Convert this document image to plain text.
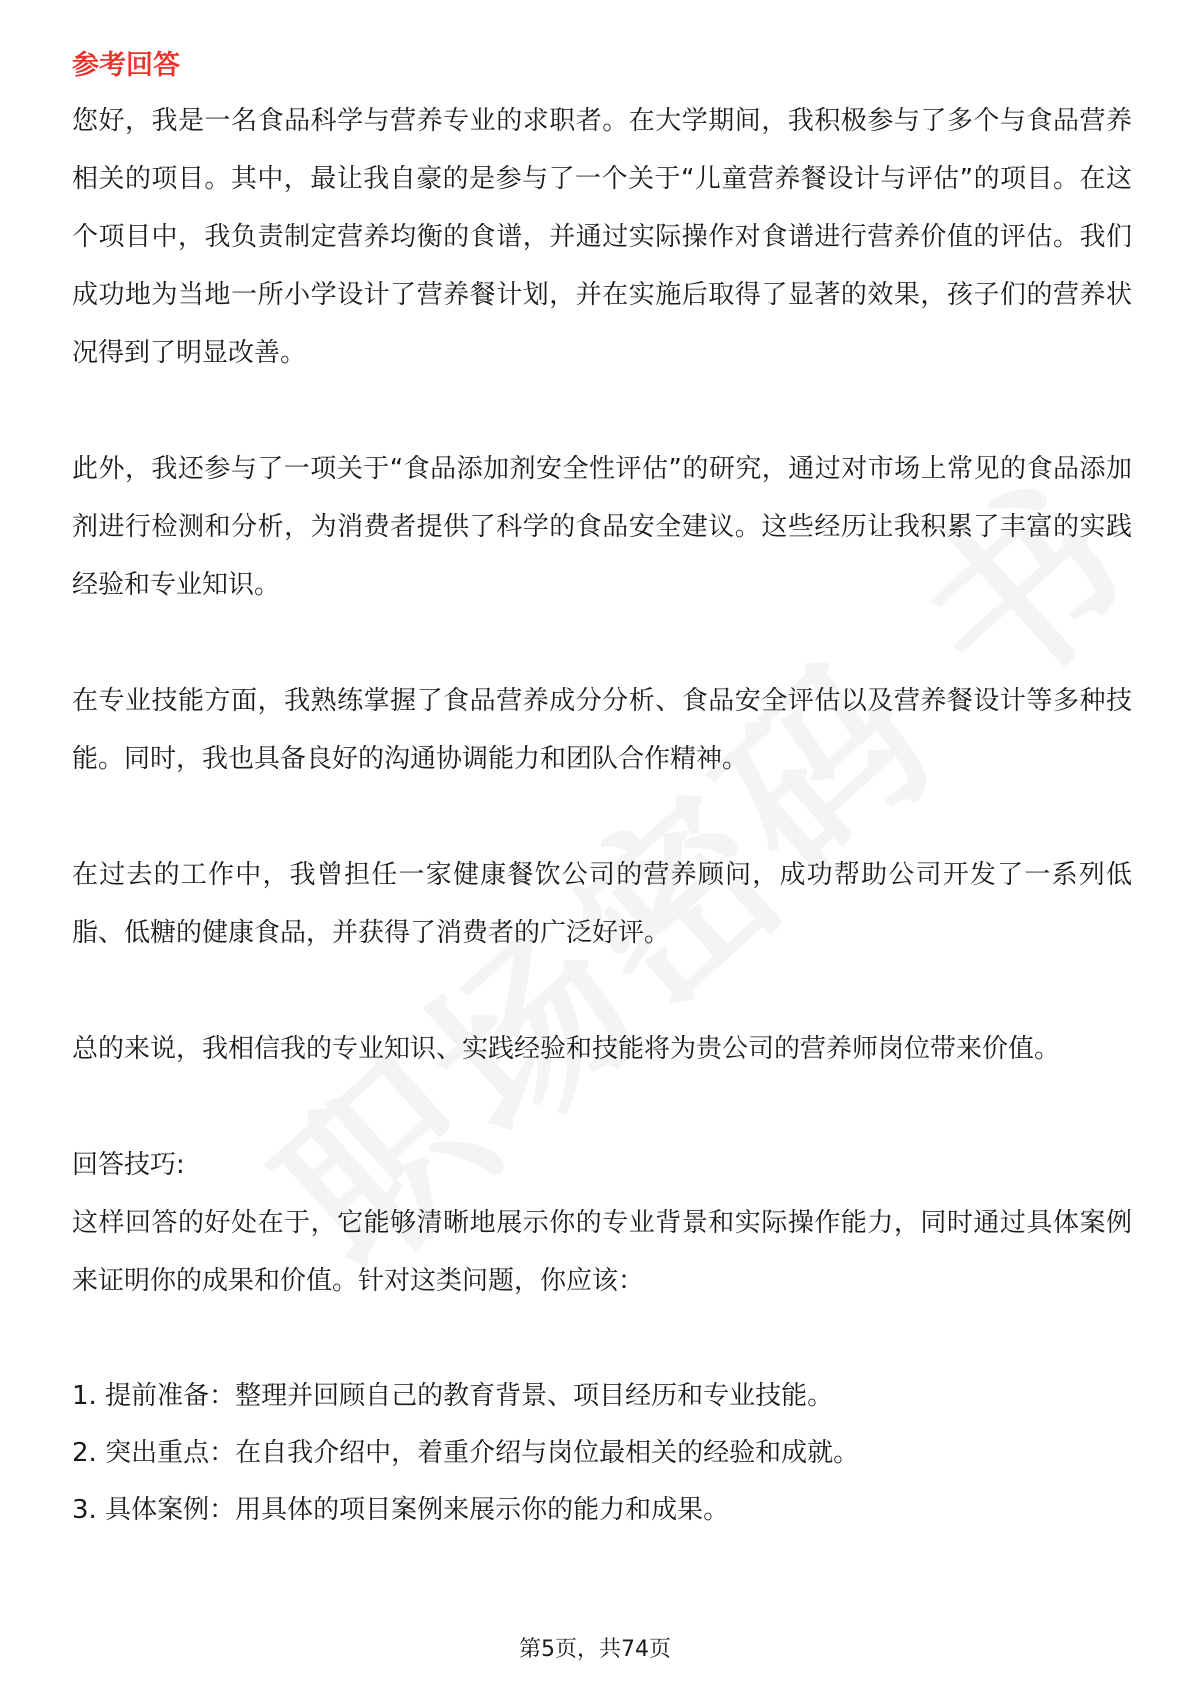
参考回答

您好，我是一名食品科学与营养专业的求职者。在大学期间，我积极参与了多个与食品营养相关的项目。其中，最让我自豪的是参与了一个关于“儿童营养餐设计与评估”的项目。在这个项目中，我负责制定营养均衡的食谱，并通过实际操作对食谱进行营养价值的评估。我们成功地为当地一所小学设计了营养餐计划，并在实施后取得了显著的效果，孩子们的营养状况得到了明显改善。

此外，我还参与了一项关于“食品添加剂安全性评估”的研究，通过对市场上常见的食品添加剂进行检测和分析，为消费者提供了科学的食品安全建议。这些经历让我积累了丰富的实践经验和专业知识。

在专业技能方面，我熟练掌握了食品营养成分分析、食品安全评估以及营养餐设计等多种技能。同时，我也具备良好的沟通协调能力和团队合作精神。

在过去的工作中，我曾担任一家健康餐饮公司的营养顾问，成功帮助公司开发了一系列低脂、低糖的健康食品，并获得了消费者的广泛好评。

总的来说，我相信我的专业知识、实践经验和技能将为贵公司的营养师岗位带来价值。

回答技巧:

这样回答的好处在于，它能够清晰地展示你的专业背景和实际操作能力，同时通过具体案例来证明你的成果和价值。针对这类问题，你应该：

1. 提前准备：整理并回顾自己的教育背景、项目经历和专业技能。

2. 突出重点：在自我介绍中，着重介绍与岗位最相关的经验和成就。

3. 具体案例：用具体的项目案例来展示你的能力和成果。

第5页，共74页
